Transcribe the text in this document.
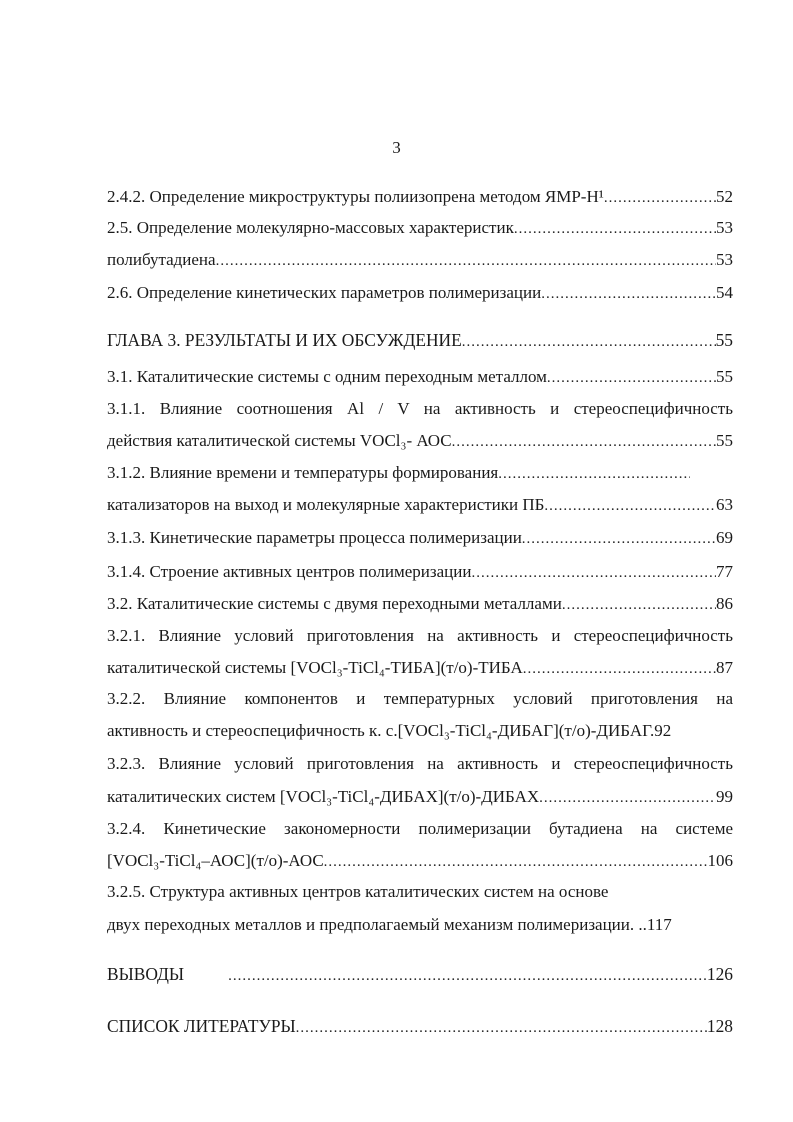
3
2.4.2. Определение микроструктуры полиизопрена методом ЯМР-Н¹ .....	52
2.5. Определение молекулярно-массовых характеристик .....	53
полибутадиена .....	53
2.6. Определение кинетических параметров полимеризации .....	54
ГЛАВА 3. РЕЗУЛЬТАТЫ И ИХ ОБСУЖДЕНИЕ .....	55
3.1. Каталитические системы с одним переходным металлом .....	55
3.1.1. Влияние соотношения Al / V на активность и стереоспецифичность
действия каталитической системы VOCl₃- АОС .....	55
3.1.2. Влияние времени и температуры формирования
.....
катализаторов на выход и молекулярные характеристики ПБ .....	63
3.1.3. Кинетические параметры процесса полимеризации .....	69
3.1.4. Строение активных центров полимеризации .....	77
3.2. Каталитические системы с двумя переходными металлами .....	86
3.2.1. Влияние условий приготовления на активность и стереоспецифичность
каталитической системы [VOCl₃-TiCl₄-ТИБА](т/о)-ТИБА .....	87
3.2.2. Влияние компонентов и температурных условий приготовления на
активность и стереоспецифичность к. с.[VOCl₃-TiCl₄-ДИБАГ](т/о)-ДИБАГ. 92
3.2.3. Влияние условий приготовления на активность и стереоспецифичность
каталитических систем [VOCl₃-TiCl₄-ДИБАХ](т/о)-ДИБАХ .....	99
3.2.4. Кинетические закономерности полимеризации бутадиена на системе
[VOCl₃-TiCl₄–АОС](т/о)-АОС .....	106
3.2.5. Структура активных центров каталитических систем на основе
двух переходных металлов и предполагаемый механизм полимеризации. .. 117
ВЫВОДЫ .....	126
СПИСОК ЛИТЕРАТУРЫ .....	128
